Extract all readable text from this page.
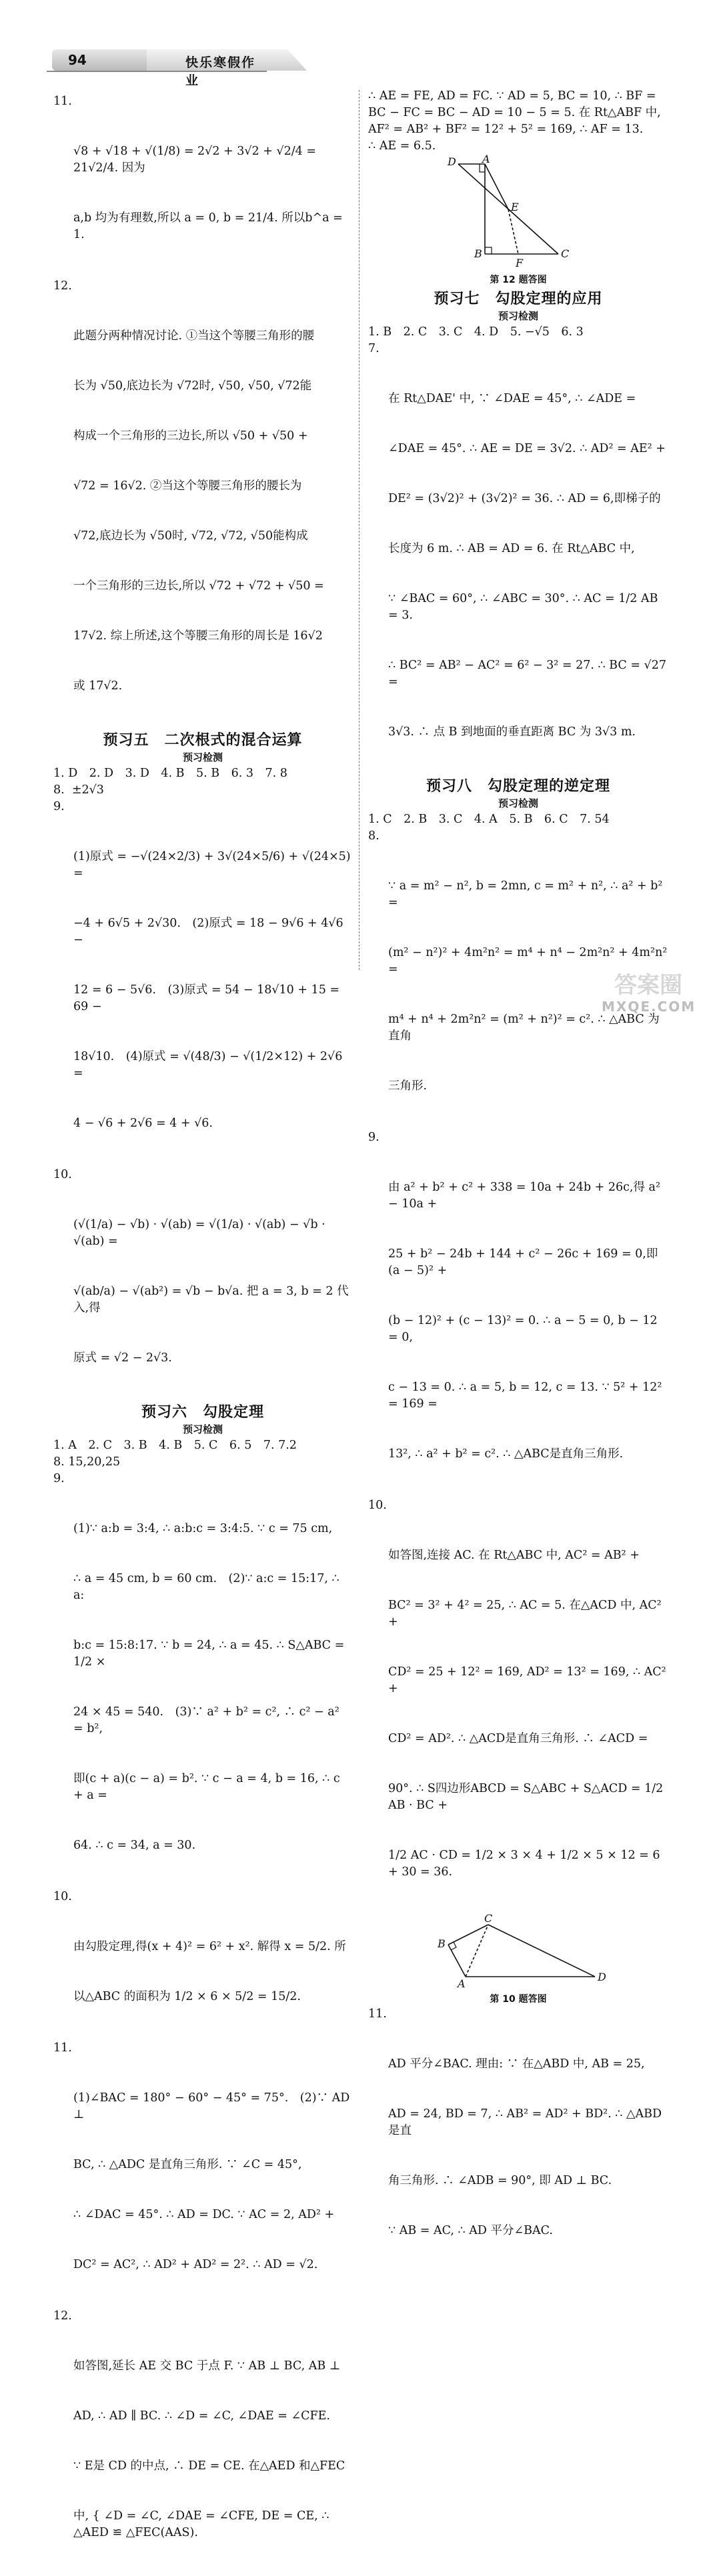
94	快乐寒假作业

11.

√8 + √18 + √(1/8) = 2√2 + 3√2 + √2/4 = 21√2/4. 因为

a,b 均为有理数,所以 a = 0, b = 21/4. 所以b^a = 1.

12.

此题分两种情况讨论. ①当这个等腰三角形的腰

长为 √50,底边长为 √72时, √50, √50, √72能

构成一个三角形的三边长,所以 √50 + √50 +

√72 = 16√2. ②当这个等腰三角形的腰长为

√72,底边长为 √50时, √72, √72, √50能构成

一个三角形的三边长,所以 √72 + √72 + √50 =

17√2. 综上所述,这个等腰三角形的周长是 16√2

或 17√2.

预习五　二次根式的混合运算
预习检测
1. D　2. D　3. D　4. B　5. B　6. 3　7. 8
8.  ±2√3

9.

(1)原式 = −√(24×2/3) + 3√(24×5/6) + √(24×5) =

−4 + 6√5 + 2√30.　(2)原式 = 18 − 9√6 + 4√6 −

12 = 6 − 5√6.　(3)原式 = 54 − 18√10 + 15 = 69 −

18√10.　(4)原式 = √(48/3) − √(1/2×12) + 2√6 =

4 − √6 + 2√6 = 4 + √6.

10.

(√(1/a) − √b) · √(ab) = √(1/a) · √(ab) − √b · √(ab) =

√(ab/a) − √(ab²) = √b − b√a. 把 a = 3, b = 2 代入,得

原式 = √2 − 2√3.

预习六　勾股定理
预习检测
1. A　2. C　3. B　4. B　5. C　6. 5　7. 7.2
8. 15,20,25

9.

(1)∵ a:b = 3:4, ∴ a:b:c = 3:4:5. ∵ c = 75 cm,

∴ a = 45 cm, b = 60 cm.　(2)∵ a:c = 15:17, ∴ a:

b:c = 15:8:17. ∵ b = 24, ∴ a = 45. ∴ S△ABC = 1/2 ×

24 × 45 = 540.　(3)∵ a² + b² = c², ∴ c² − a² = b²,

即(c + a)(c − a) = b². ∵ c − a = 4, b = 16, ∴ c + a =

64. ∴ c = 34, a = 30.

10.

由勾股定理,得(x + 4)² = 6² + x². 解得 x = 5/2. 所

以△ABC 的面积为 1/2 × 6 × 5/2 = 15/2.

11.

(1)∠BAC = 180° − 60° − 45° = 75°.　(2)∵ AD ⊥

BC, ∴ △ADC 是直角三角形. ∵ ∠C = 45°,

∴ ∠DAC = 45°. ∴ AD = DC. ∵ AC = 2, AD² +

DC² = AC², ∴ AD² + AD² = 2². ∴ AD = √2.

12.

如答图,延长 AE 交 BC 于点 F. ∵ AB ⊥ BC, AB ⊥

AD, ∴ AD ∥ BC. ∴ ∠D = ∠C, ∠DAE = ∠CFE.

∵ E是 CD 的中点, ∴ DE = CE. 在△AED 和△FEC

中, { ∠D = ∠C, ∠DAE = ∠CFE, DE = CE, ∴ △AED ≌ △FEC(AAS).

∴ AE = FE, AD = FC. ∵ AD = 5, BC = 10, ∴ BF =
BC − FC = BC − AD = 10 − 5 = 5. 在 Rt△ABF 中,
AF² = AB² + BF² = 12² + 5² = 169, ∴ AF = 13.
∴ AE = 6.5.
D A
E
B
F
C
第 12 题答图
预习七　勾股定理的应用
预习检测
1. B　2. C　3. C　4. D　5. −√5　6. 3

7.

在 Rt△DAE' 中, ∵ ∠DAE = 45°, ∴ ∠ADE =

∠DAE = 45°. ∴ AE = DE = 3√2. ∴ AD² = AE² +

DE² = (3√2)² + (3√2)² = 36. ∴ AD = 6,即梯子的

长度为 6 m. ∴ AB = AD = 6. 在 Rt△ABC 中,

∵ ∠BAC = 60°, ∴ ∠ABC = 30°. ∴ AC = 1/2 AB = 3.

∴ BC² = AB² − AC² = 6² − 3² = 27. ∴ BC = √27 =

3√3. ∴ 点 B 到地面的垂直距离 BC 为 3√3 m.

预习八　勾股定理的逆定理
预习检测
1. C　2. B　3. C　4. A　5. B　6. C　7. 54

8.

∵ a = m² − n², b = 2mn, c = m² + n², ∴ a² + b² =

(m² − n²)² + 4m²n² = m⁴ + n⁴ − 2m²n² + 4m²n² =

m⁴ + n⁴ + 2m²n² = (m² + n²)² = c². ∴ △ABC 为直角

三角形.

9.

由 a² + b² + c² + 338 = 10a + 24b + 26c,得 a² − 10a +

25 + b² − 24b + 144 + c² − 26c + 169 = 0,即(a − 5)² +

(b − 12)² + (c − 13)² = 0. ∴ a − 5 = 0, b − 12 = 0,

c − 13 = 0. ∴ a = 5, b = 12, c = 13. ∵ 5² + 12² = 169 =

13², ∴ a² + b² = c². ∴ △ABC是直角三角形.

10.

如答图,连接 AC. 在 Rt△ABC 中, AC² = AB² +

BC² = 3² + 4² = 25, ∴ AC = 5. 在△ACD 中, AC² +

CD² = 25 + 12² = 169, AD² = 13² = 169, ∴ AC² +

CD² = AD². ∴ △ACD是直角三角形. ∴ ∠ACD =

90°. ∴ S四边形ABCD = S△ABC + S△ACD = 1/2 AB · BC +

1/2 AC · CD = 1/2 × 3 × 4 + 1/2 × 5 × 12 = 6 + 30 = 36.

C
B
A
D
第 10 题答图

11.

AD 平分∠BAC. 理由: ∵ 在△ABD 中, AB = 25,

AD = 24, BD = 7, ∴ AB² = AD² + BD². ∴ △ABD是直

角三角形. ∴ ∠ADB = 90°, 即 AD ⊥ BC.

∵ AB = AC, ∴ AD 平分∠BAC.

答案圈
MXQE.COM
